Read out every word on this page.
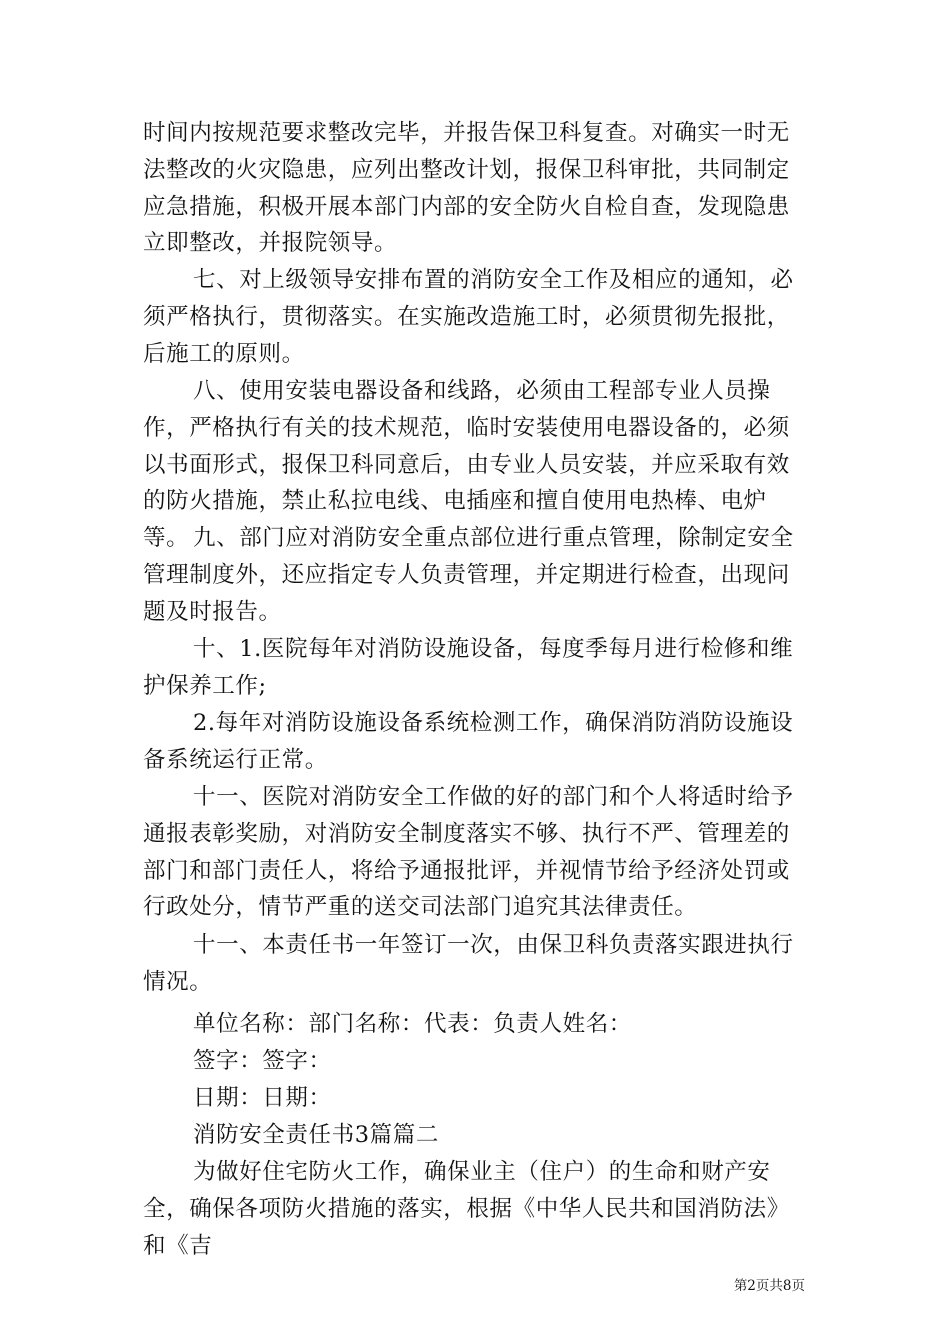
时间内按规范要求整改完毕，并报告保卫科复查。对确实一时无法整改的火灾隐患，应列出整改计划，报保卫科审批，共同制定应急措施，积极开展本部门内部的安全防火自检自查，发现隐患立即整改，并报院领导。

七、对上级领导安排布置的消防安全工作及相应的通知，必须严格执行，贯彻落实。在实施改造施工时，必须贯彻先报批，后施工的原则。

八、使用安装电器设备和线路，必须由工程部专业人员操作，严格执行有关的技术规范，临时安装使用电器设备的，必须以书面形式，报保卫科同意后，由专业人员安装，并应采取有效的防火措施，禁止私拉电线、电插座和擅自使用电热棒、电炉等。 九、部门应对消防安全重点部位进行重点管理，除制定安全管理制度外，还应指定专人负责管理，并定期进行检查，出现问题及时报告。

十、1.医院每年对消防设施设备，每度季每月进行检修和维护保养工作;

2.每年对消防设施设备系统检测工作，确保消防消防设施设备系统运行正常。

十一、医院对消防安全工作做的好的部门和个人将适时给予通报表彰奖励，对消防安全制度落实不够、执行不严、管理差的部门和部门责任人，将给予通报批评，并视情节给予经济处罚或行政处分，情节严重的送交司法部门追究其法律责任。

十一、本责任书一年签订一次，由保卫科负责落实跟进执行情况。

单位名称：部门名称：代表：负责人姓名：
签字：签字：
日期：日期：
消防安全责任书3篇篇二

为做好住宅防火工作，确保业主（住户）的生命和财产安全，确保各项防火措施的落实，根据《中华人民共和国消防法》和《吉

第2页共8页
